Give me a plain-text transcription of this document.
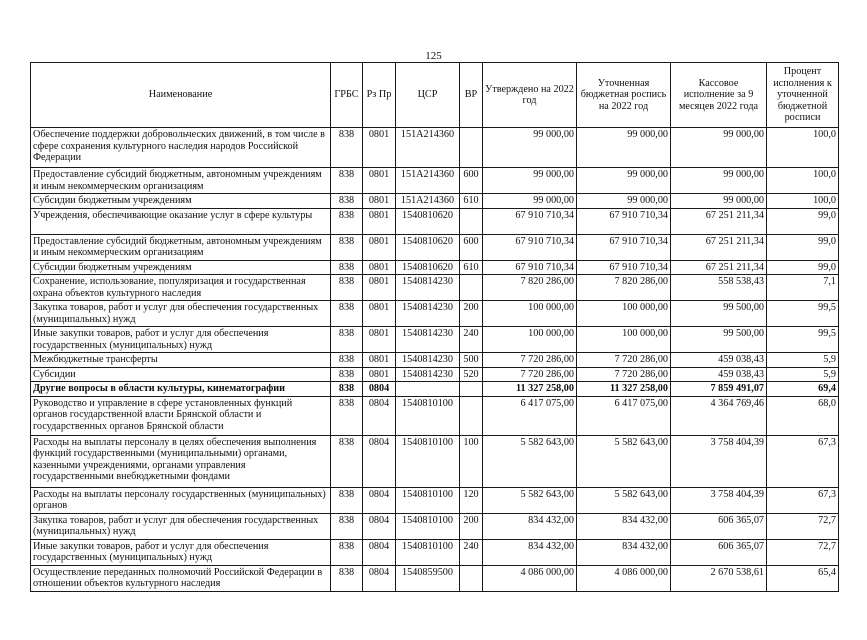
125
Наименование	ГРБС	Рз Пр	ЦСР	ВР	Утверждено на 2022 год	Уточненная бюджетная роспись на 2022 год	Кассовое исполнение за 9 месяцев 2022 года	Процент исполнения к уточненной бюджетной росписи
Обеспечение поддержки добровольческих движений, в том числе в сфере сохранения культурного наследия народов Российской Федерации	838	0801	151А214360		99 000,00	99 000,00	99 000,00	100,0
Предоставление субсидий бюджетным, автономным учреждениям и иным некоммерческим организациям	838	0801	151А214360	600	99 000,00	99 000,00	99 000,00	100,0
Субсидии бюджетным учреждениям	838	0801	151А214360	610	99 000,00	99 000,00	99 000,00	100,0
Учреждения, обеспечивающие оказание услуг в сфере культуры	838	0801	1540810620		67 910 710,34	67 910 710,34	67 251 211,34	99,0
Предоставление субсидий бюджетным, автономным учреждениям и иным некоммерческим организациям	838	0801	1540810620	600	67 910 710,34	67 910 710,34	67 251 211,34	99,0
Субсидии бюджетным учреждениям	838	0801	1540810620	610	67 910 710,34	67 910 710,34	67 251 211,34	99,0
Сохранение, использование, популяризация и государственная охрана объектов культурного наследия	838	0801	1540814230		7 820 286,00	7 820 286,00	558 538,43	7,1
Закупка товаров, работ и услуг для обеспечения государственных (муниципальных) нужд	838	0801	1540814230	200	100 000,00	100 000,00	99 500,00	99,5
Иные закупки товаров, работ и услуг для обеспечения государственных (муниципальных) нужд	838	0801	1540814230	240	100 000,00	100 000,00	99 500,00	99,5
Межбюджетные трансферты	838	0801	1540814230	500	7 720 286,00	7 720 286,00	459 038,43	5,9
Субсидии	838	0801	1540814230	520	7 720 286,00	7 720 286,00	459 038,43	5,9
Другие вопросы в области культуры, кинематографии	838	0804			11 327 258,00	11 327 258,00	7 859 491,07	69,4
Руководство и управление в сфере установленных функций органов государственной власти Брянской области и государственных органов Брянской области	838	0804	1540810100		6 417 075,00	6 417 075,00	4 364 769,46	68,0
Расходы на выплаты персоналу в целях обеспечения выполнения функций государственными (муниципальными) органами, казенными учреждениями, органами управления государственными внебюджетными фондами	838	0804	1540810100	100	5 582 643,00	5 582 643,00	3 758 404,39	67,3
Расходы на выплаты персоналу государственных (муниципальных) органов	838	0804	1540810100	120	5 582 643,00	5 582 643,00	3 758 404,39	67,3
Закупка товаров, работ и услуг для обеспечения государственных (муниципальных) нужд	838	0804	1540810100	200	834 432,00	834 432,00	606 365,07	72,7
Иные закупки товаров, работ и услуг для обеспечения государственных (муниципальных) нужд	838	0804	1540810100	240	834 432,00	834 432,00	606 365,07	72,7
Осуществление переданных полномочий Российской Федерации в отношении объектов культурного наследия	838	0804	1540859500		4 086 000,00	4 086 000,00	2 670 538,61	65,4
